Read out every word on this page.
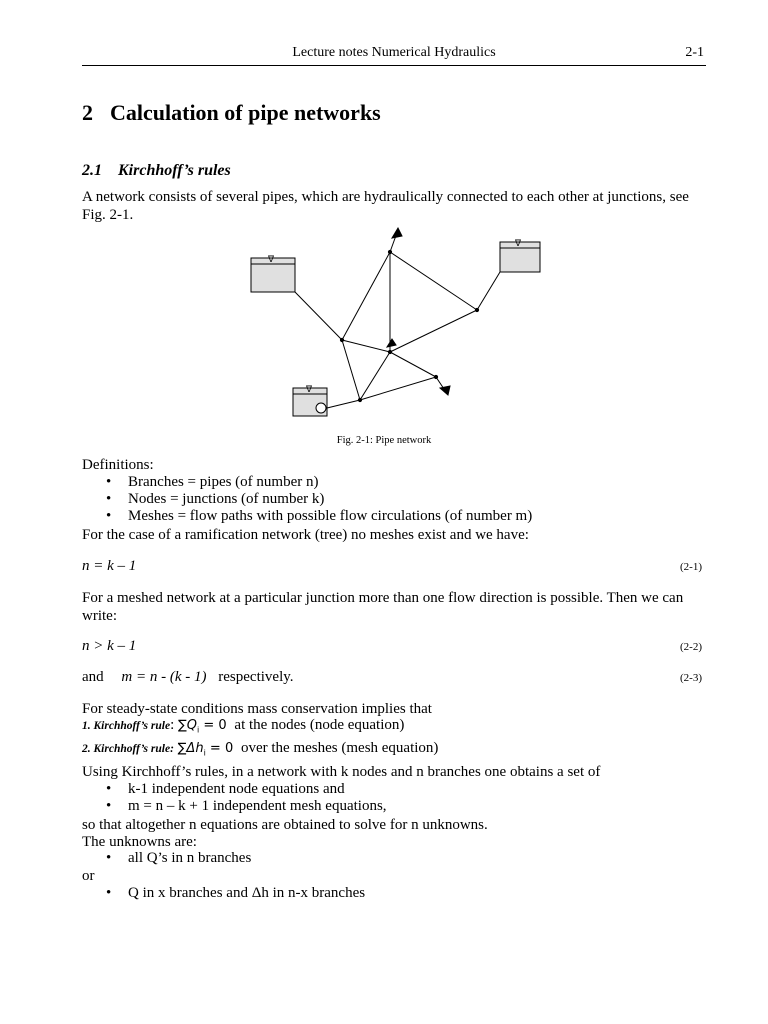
Lecture notes Numerical Hydraulics	2-1
2 Calculation of pipe networks
2.1 Kirchhoff’s rules

A network consists of several pipes, which are hydraulically connected to each other at junctions, see Fig. 2-1.

∇
∇
∇
Fig. 2-1: Pipe network

Definitions:

• Branches = pipes (of number n)
• Nodes = junctions (of number k)
• Meshes = flow paths with possible flow circulations (of number m)

For the case of a ramification network (tree) no meshes exist and we have:

n = k – 1	(2-1)

For a meshed network at a particular junction more than one flow direction is possible. Then we can write:

n > k – 1	(2-2)
and m = n - (k - 1) respectively.	(2-3)

For steady-state conditions mass conservation implies that

1. Kirchhoff’s rule: $\sum Q_i = 0$ at the nodes (node equation)
2. Kirchhoff’s rule: $\sum\Delta h_i = 0$ over the meshes (mesh equation)

Using Kirchhoff’s rules, in a network with k nodes and n branches one obtains a set of

• k-1 independent node equations and
• m = n – k + 1 independent mesh equations,

so that altogether n equations are obtained to solve for n unknowns.

The unknowns are:

• all Q’s in n branches

or

• Q in x branches and Δh in n-x branches
